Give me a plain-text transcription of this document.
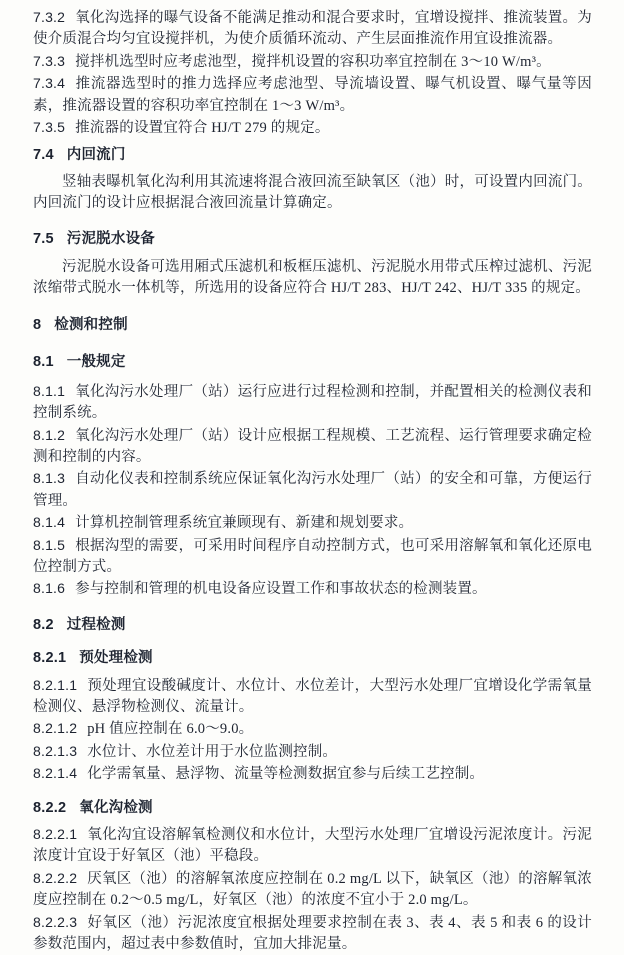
7.3.2 氧化沟选择的曝气设备不能满足推动和混合要求时，宜增设搅拌、推流装置。为使介质混合均匀宜设搅拌机，为使介质循环流动、产生层面推流作用宜设推流器。

7.3.3 搅拌机选型时应考虑池型，搅拌机设置的容积功率宜控制在 3～10 W/m³。

7.3.4 推流器选型时的推力选择应考虑池型、导流墙设置、曝气机设置、曝气量等因素，推流器设置的容积功率宜控制在 1～3 W/m³。

7.3.5 推流器的设置宜符合 HJ/T 279 的规定。

7.4 内回流门

竖轴表曝机氧化沟利用其流速将混合液回流至缺氧区（池）时，可设置内回流门。内回流门的设计应根据混合液回流量计算确定。

7.5 污泥脱水设备

污泥脱水设备可选用厢式压滤机和板框压滤机、污泥脱水用带式压榨过滤机、污泥浓缩带式脱水一体机等，所选用的设备应符合 HJ/T 283、HJ/T 242、HJ/T 335 的规定。

8 检测和控制
8.1 一般规定

8.1.1 氧化沟污水处理厂（站）运行应进行过程检测和控制，并配置相关的检测仪表和控制系统。

8.1.2 氧化沟污水处理厂（站）设计应根据工程规模、工艺流程、运行管理要求确定检测和控制的内容。

8.1.3 自动化仪表和控制系统应保证氧化沟污水处理厂（站）的安全和可靠，方便运行管理。

8.1.4 计算机控制管理系统宜兼顾现有、新建和规划要求。

8.1.5 根据沟型的需要，可采用时间程序自动控制方式，也可采用溶解氧和氧化还原电位控制方式。

8.1.6 参与控制和管理的机电设备应设置工作和事故状态的检测装置。

8.2 过程检测
8.2.1 预处理检测

8.2.1.1 预处理宜设酸碱度计、水位计、水位差计，大型污水处理厂宜增设化学需氧量检测仪、悬浮物检测仪、流量计。

8.2.1.2 pH 值应控制在 6.0～9.0。

8.2.1.3 水位计、水位差计用于水位监测控制。

8.2.1.4 化学需氧量、悬浮物、流量等检测数据宜参与后续工艺控制。

8.2.2 氧化沟检测

8.2.2.1 氧化沟宜设溶解氧检测仪和水位计，大型污水处理厂宜增设污泥浓度计。污泥浓度计宜设于好氧区（池）平稳段。

8.2.2.2 厌氧区（池）的溶解氧浓度应控制在 0.2 mg/L 以下，缺氧区（池）的溶解氧浓度应控制在 0.2～0.5 mg/L，好氧区（池）的浓度不宜小于 2.0 mg/L。

8.2.2.3 好氧区（池）污泥浓度宜根据处理要求控制在表 3、表 4、表 5 和表 6 的设计参数范围内，超过表中参数值时，宜加大排泥量。
